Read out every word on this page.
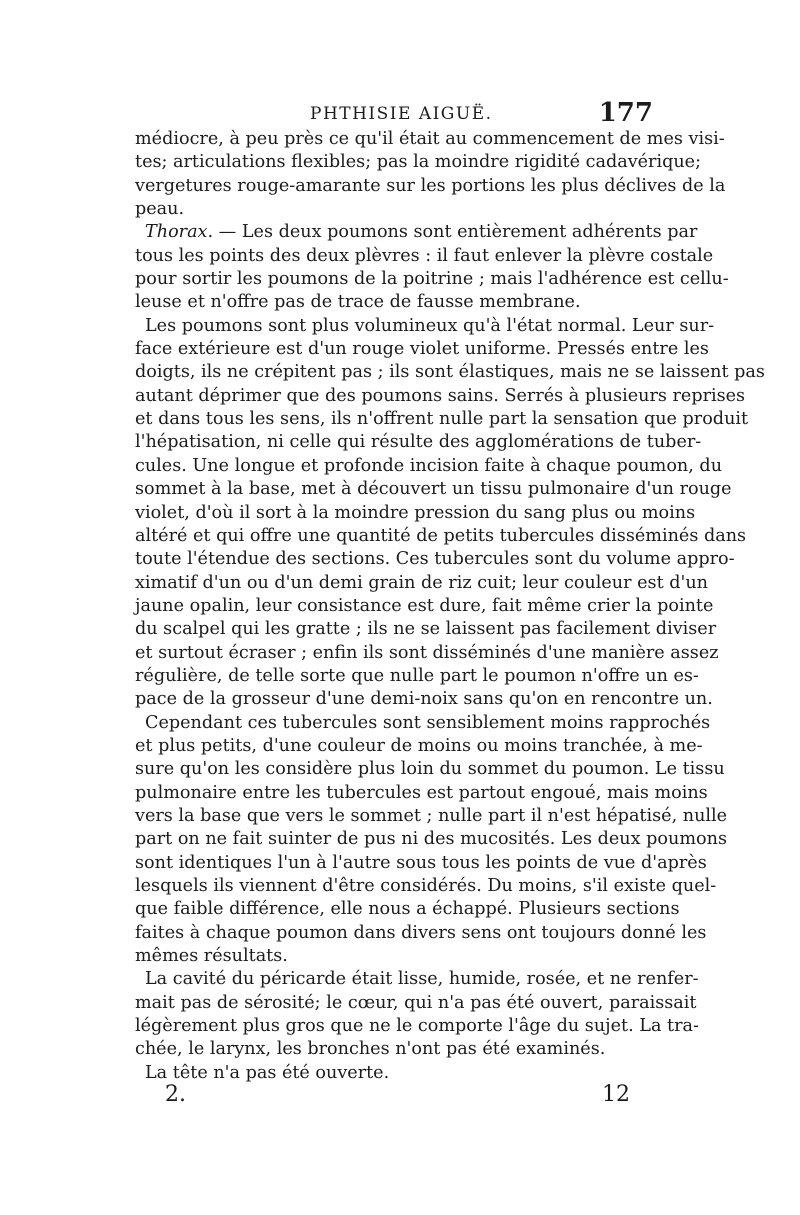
PHTHISIE AIGUË.	177
médiocre, à peu près ce qu'il était au commencement de mes visi-
tes; articulations flexibles; pas la moindre rigidité cadavérique;
vergetures rouge-amarante sur les portions les plus déclives de la
peau.
Thorax. — Les deux poumons sont entièrement adhérents par
tous les points des deux plèvres : il faut enlever la plèvre costale
pour sortir les poumons de la poitrine ; mais l'adhérence est cellu-
leuse et n'offre pas de trace de fausse membrane.
Les poumons sont plus volumineux qu'à l'état normal. Leur sur-
face extérieure est d'un rouge violet uniforme. Pressés entre les
doigts, ils ne crépitent pas ; ils sont élastiques, mais ne se laissent pas
autant déprimer que des poumons sains. Serrés à plusieurs reprises
et dans tous les sens, ils n'offrent nulle part la sensation que produit
l'hépatisation, ni celle qui résulte des agglomérations de tuber-
cules. Une longue et profonde incision faite à chaque poumon, du
sommet à la base, met à découvert un tissu pulmonaire d'un rouge
violet, d'où il sort à la moindre pression du sang plus ou moins
altéré et qui offre une quantité de petits tubercules disséminés dans
toute l'étendue des sections. Ces tubercules sont du volume appro-
ximatif d'un ou d'un demi grain de riz cuit; leur couleur est d'un
jaune opalin, leur consistance est dure, fait même crier la pointe
du scalpel qui les gratte ; ils ne se laissent pas facilement diviser
et surtout écraser ; enfin ils sont disséminés d'une manière assez
régulière, de telle sorte que nulle part le poumon n'offre un es-
pace de la grosseur d'une demi-noix sans qu'on en rencontre un.
Cependant ces tubercules sont sensiblement moins rapprochés
et plus petits, d'une couleur de moins ou moins tranchée, à me-
sure qu'on les considère plus loin du sommet du poumon. Le tissu
pulmonaire entre les tubercules est partout engoué, mais moins
vers la base que vers le sommet ; nulle part il n'est hépatisé, nulle
part on ne fait suinter de pus ni des mucosités. Les deux poumons
sont identiques l'un à l'autre sous tous les points de vue d'après
lesquels ils viennent d'être considérés. Du moins, s'il existe quel-
que faible différence, elle nous a échappé. Plusieurs sections
faites à chaque poumon dans divers sens ont toujours donné les
mêmes résultats.
La cavité du péricarde était lisse, humide, rosée, et ne renfer-
mait pas de sérosité; le cœur, qui n'a pas été ouvert, paraissait
légèrement plus gros que ne le comporte l'âge du sujet. La tra-
chée, le larynx, les bronches n'ont pas été examinés.
La tête n'a pas été ouverte.
2.	12
